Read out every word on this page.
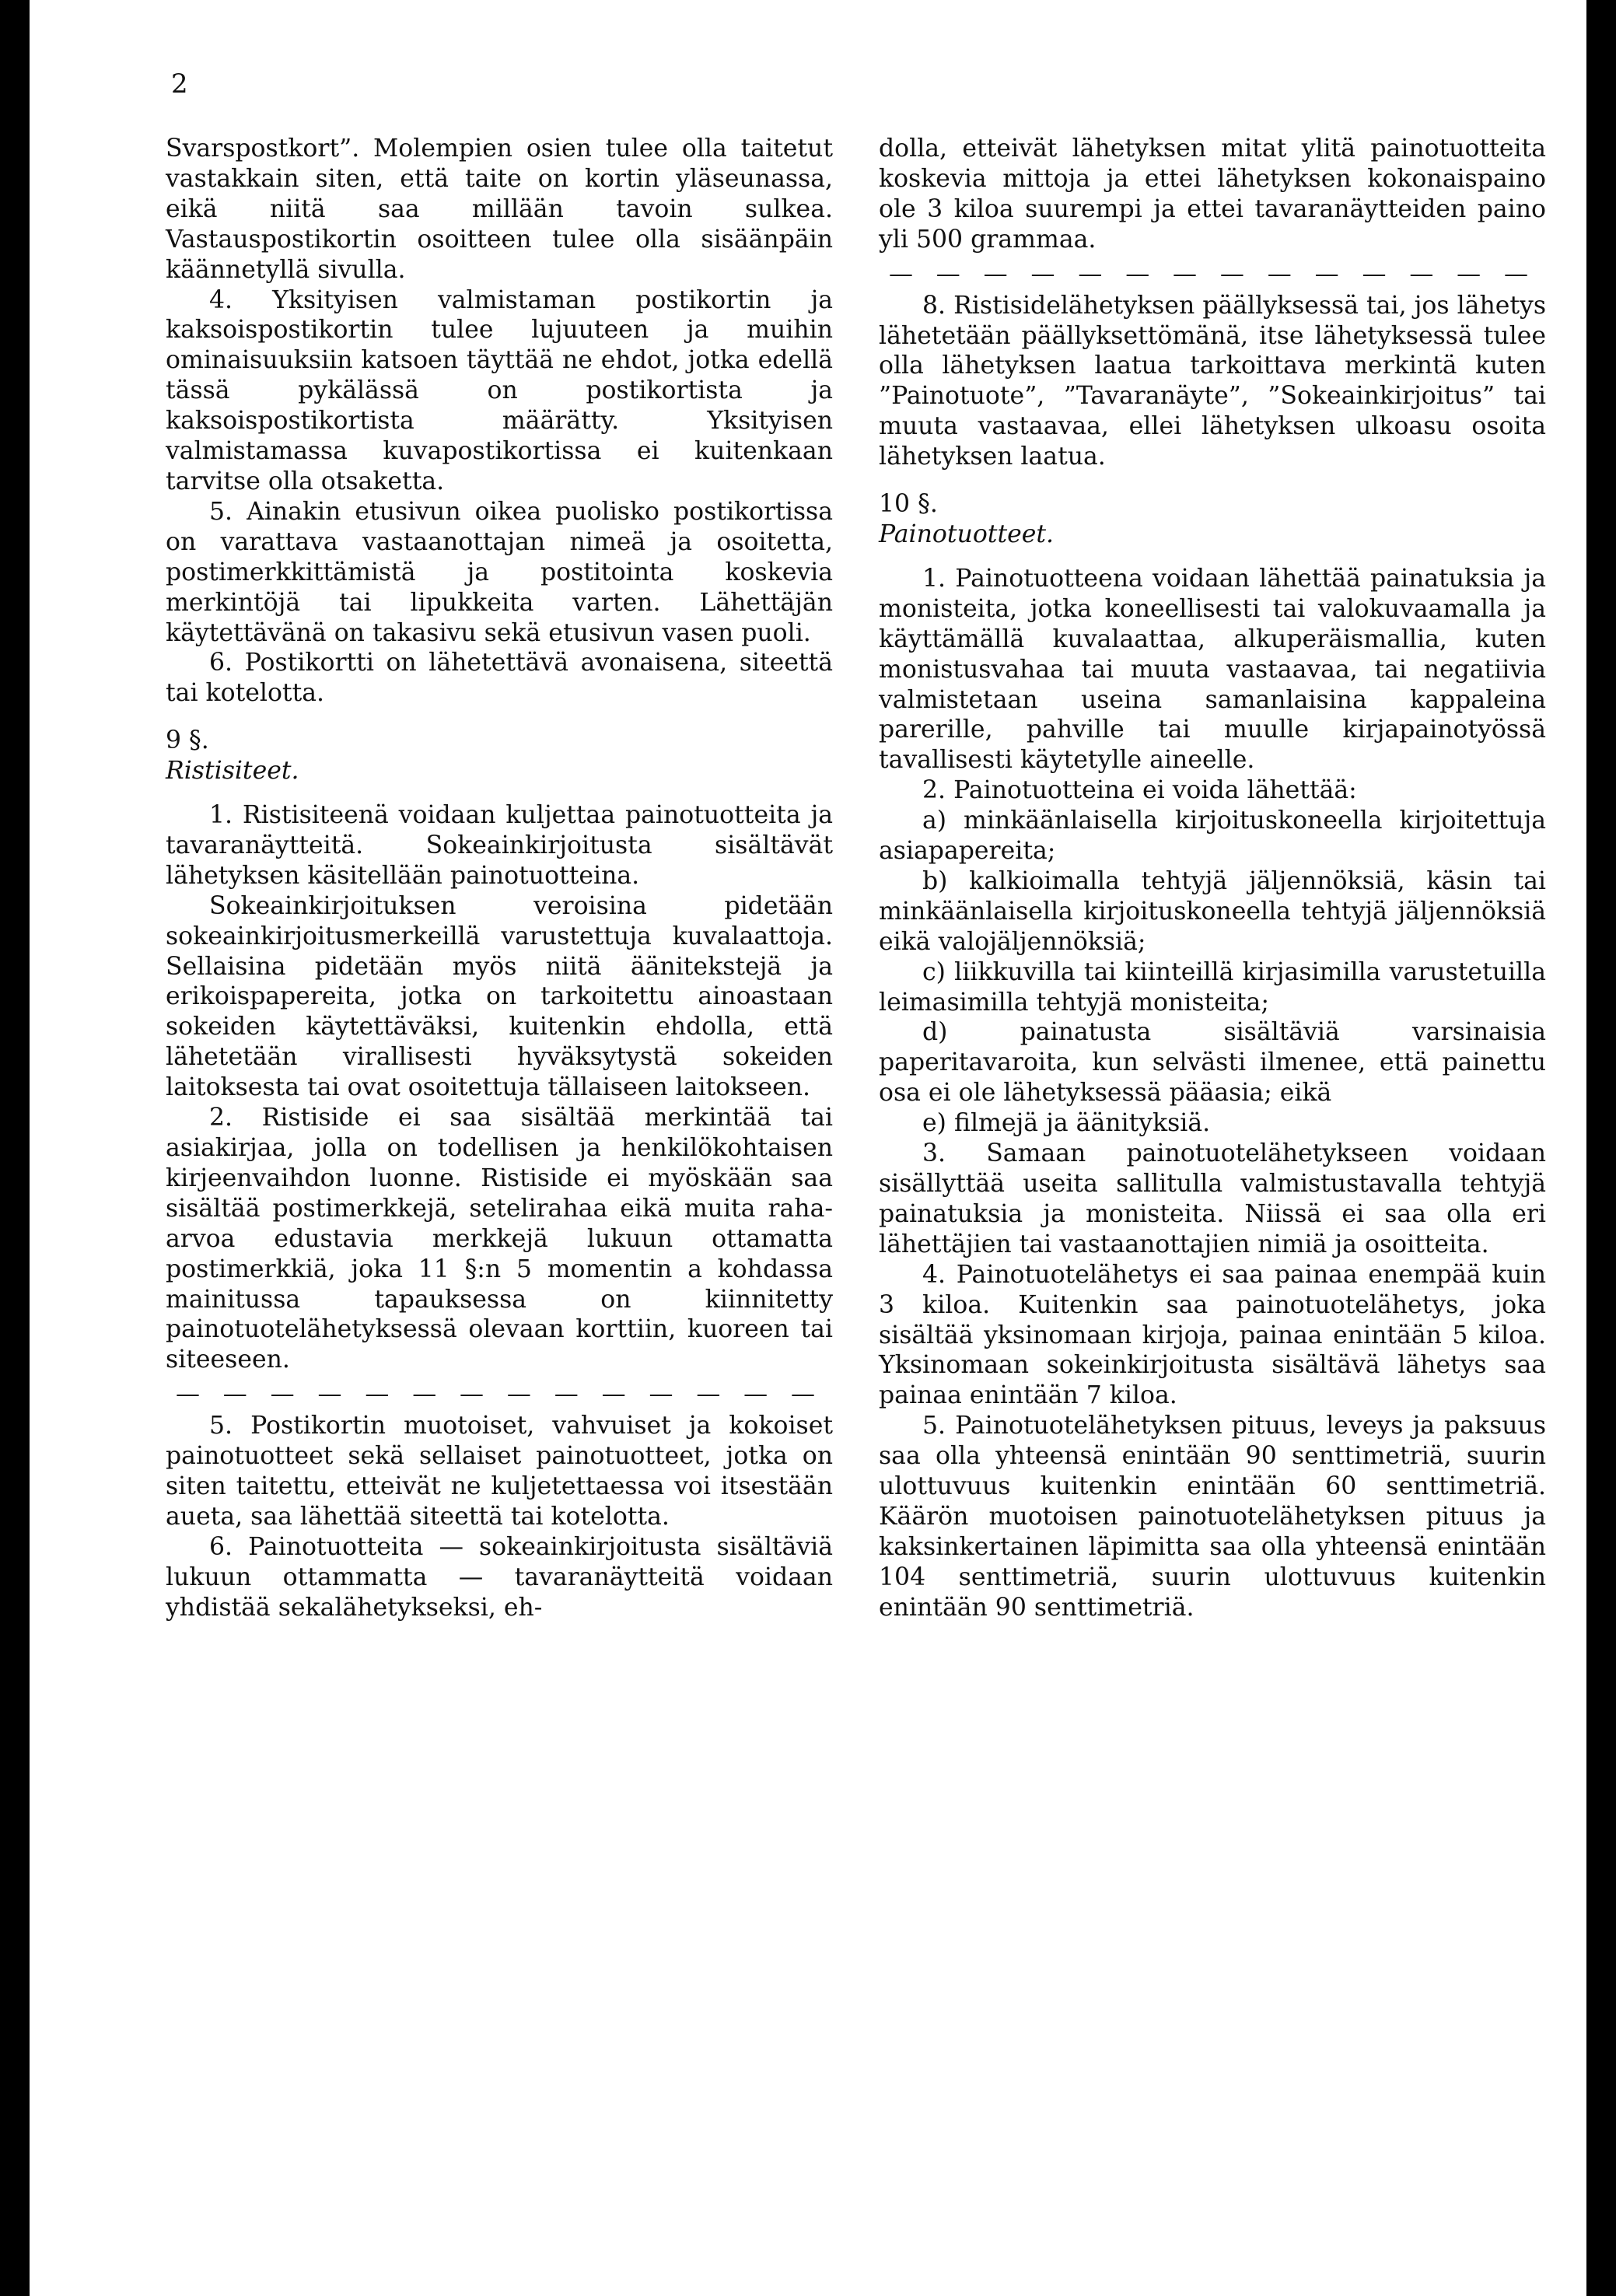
2

Svarspostkort”. Molempien osien tulee olla taitetut vastakkain siten, että taite on kortin yläseunassa, eikä niitä saa millään tavoin sulkea. Vastauspostikortin osoitteen tulee olla sisäänpäin käännetyllä sivulla.

4. Yksityisen valmistaman postikortin ja kaksoispostikortin tulee lujuuteen ja muihin ominaisuuksiin katsoen täyttää ne ehdot, jotka edellä tässä pykälässä on postikortista ja kaksoispostikortista määrätty. Yksityisen valmistamassa kuvapostikortissa ei kuitenkaan tarvitse olla otsaketta.

5. Ainakin etusivun oikea puolisko postikortissa on varattava vastaanottajan nimeä ja osoitetta, postimerkkittämistä ja postitointa koskevia merkintöjä tai lipukkeita varten. Lähettäjän käytettävänä on takasivu sekä etusivun vasen puoli.

6. Postikortti on lähetettävä avonaisena, siteettä tai kotelotta.

9 §.

Ristisiteet.

1. Ristisiteenä voidaan kuljettaa painotuotteita ja tavaranäytteitä. Sokeainkirjoitusta sisältävät lähetyksen käsitellään painotuotteina.

Sokeainkirjoituksen veroisina pidetään sokeainkirjoitusmerkeillä varustettuja kuvalaattoja. Sellaisina pidetään myös niitä äänitekstejä ja erikoispapereita, jotka on tarkoitettu ainoastaan sokeiden käytettäväksi, kuitenkin ehdolla, että lähetetään virallisesti hyväksytystä sokeiden laitoksesta tai ovat osoitettuja tällaiseen laitokseen.

2. Ristiside ei saa sisältää merkintää tai asiakirjaa, jolla on todellisen ja henkilökohtaisen kirjeenvaihdon luonne. Ristiside ei myöskään saa sisältää postimerkkejä, setelirahaa eikä muita raha-arvoa edustavia merkkejä lukuun ottamatta postimerkkiä, joka 11 §:n 5 momentin a kohdassa mainitussa tapauksessa on kiinnitetty painotuotelähetyksessä olevaan korttiin, kuoreen tai siteeseen.

— — — — — — — — — — — — — —

5. Postikortin muotoiset, vahvuiset ja kokoiset painotuotteet sekä sellaiset painotuotteet, jotka on siten taitettu, etteivät ne kuljetettaessa voi itsestään aueta, saa lähettää siteettä tai kotelotta.

6. Painotuotteita — sokeainkirjoitusta sisältäviä lukuun ottammatta — tavaranäytteitä voidaan yhdistää sekalähetykseksi, eh-

dolla, etteivät lähetyksen mitat ylitä painotuotteita koskevia mittoja ja ettei lähetyksen kokonaispaino ole 3 kiloa suurempi ja ettei tavaranäytteiden paino yli 500 grammaa.

— — — — — — — — — — — — — —

8. Ristisidelähetyksen päällyksessä tai, jos lähetys lähetetään päällyksettömänä, itse lähetyksessä tulee olla lähetyksen laatua tarkoittava merkintä kuten ”Painotuote”, ”Tavaranäyte”, ”Sokeainkirjoitus” tai muuta vastaavaa, ellei lähetyksen ulkoasu osoita lähetyksen laatua.

10 §.

Painotuotteet.

1. Painotuotteena voidaan lähettää painatuksia ja monisteita, jotka koneellisesti tai valokuvaamalla ja käyttämällä kuvalaattaa, alkuperäismallia, kuten monistusvahaa tai muuta vastaavaa, tai negatiivia valmistetaan useina samanlaisina kappaleina parerille, pahville tai muulle kirjapainotyössä tavallisesti käytetylle aineelle.

2. Painotuotteina ei voida lähettää:

a) minkäänlaisella kirjoituskoneella kirjoitettuja asiapapereita;

b) kalkioimalla tehtyjä jäljennöksiä, käsin tai minkäänlaisella kirjoituskoneella tehtyjä jäljennöksiä eikä valojäljennöksiä;

c) liikkuvilla tai kiinteillä kirjasimilla varustetuilla leimasimilla tehtyjä monisteita;

d) painatusta sisältäviä varsinaisia paperitavaroita, kun selvästi ilmenee, että painettu osa ei ole lähetyksessä pääasia; eikä

e) filmejä ja äänityksiä.

3. Samaan painotuotelähetykseen voidaan sisällyttää useita sallitulla valmistustavalla tehtyjä painatuksia ja monisteita. Niissä ei saa olla eri lähettäjien tai vastaanottajien nimiä ja osoitteita.

4. Painotuotelähetys ei saa painaa enempää kuin 3 kiloa. Kuitenkin saa painotuotelähetys, joka sisältää yksinomaan kirjoja, painaa enintään 5 kiloa. Yksinomaan sokeinkirjoitusta sisältävä lähetys saa painaa enintään 7 kiloa.

5. Painotuotelähetyksen pituus, leveys ja paksuus saa olla yhteensä enintään 90 senttimetriä, suurin ulottuvuus kuitenkin enintään 60 senttimetriä. Käärön muotoisen painotuotelähetyksen pituus ja kaksinkertainen läpimitta saa olla yhteensä enintään 104 senttimetriä, suurin ulottuvuus kuitenkin enintään 90 senttimetriä.
